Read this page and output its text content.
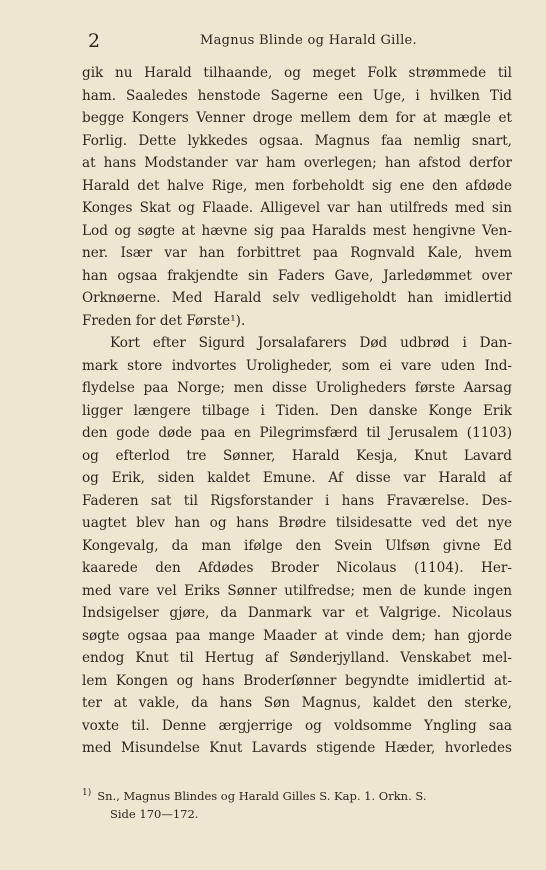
2	Magnus Blinde og Harald Gille.
gik nu Harald tilhaande, og meget Folk strømmede til
ham. Saaledes henstode Sagerne een Uge, i hvilken Tid
begge Kongers Venner droge mellem dem for at mægle et
Forlig. Dette lykkedes ogsaa. Magnus faa nemlig snart,
at hans Modstander var ham overlegen; han afstod derfor
Harald det halve Rige, men forbeholdt sig ene den afdøde
Konges Skat og Flaade. Alligevel var han utilfreds med sin
Lod og søgte at hævne sig paa Haralds mest hengivne Ven-
ner. Især var han forbittret paa Rognvald Kale, hvem
han ogsaa frakjendte sin Faders Gave, Jarledømmet over
Orknøerne. Med Harald selv vedligeholdt han imidlertid
Freden for det Første¹).
Kort efter Sigurd Jorsalafarers Død udbrød i Dan-
mark store indvortes Uroligheder, som ei vare uden Ind-
flydelse paa Norge; men disse Urolighеders første Aarsag
ligger længere tilbage i Tiden. Den danske Konge Erik
den gode døde paa en Pilegrimsfærd til Jerusalem (1103)
og efterlod tre Sønner, Harald Kesja, Knut Lavard
og Erik, siden kaldet Emune. Af disse var Harald af
Faderen sat til Rigsforstander i hans Fraværelse. Des-
uagtet blev han og hans Brødre tilsidesatte ved det nye
Kongevalg, da man ifølge den Svein Ulfsøn givne Ed
kaarede den Afdødes Broder Nicolaus (1104). Her-
med vare vel Eriks Sønner utilfredse; men de kunde ingen
Indsigelser gjøre, da Danmark var et Valgrige. Nicolaus
søgte ogsaa paa mange Maader at vinde dem; han gjorde
endog Knut til Hertug af Sønderjylland. Venskabet mel-
lem Kongen og hans Broderſønner begyndte imidlertid at-
ter at vakle, da hans Søn Magnus, kaldet den sterke,
voxte til. Denne ærgjerrige og voldsomme Yngling saa
med Misundelse Knut Lavards stigende Hæder, hvorledes
$^{1)}$ Sn., Magnus Blindes og Harald Gilles S. Kap. 1. Orkn. S.
Side 170—172.
